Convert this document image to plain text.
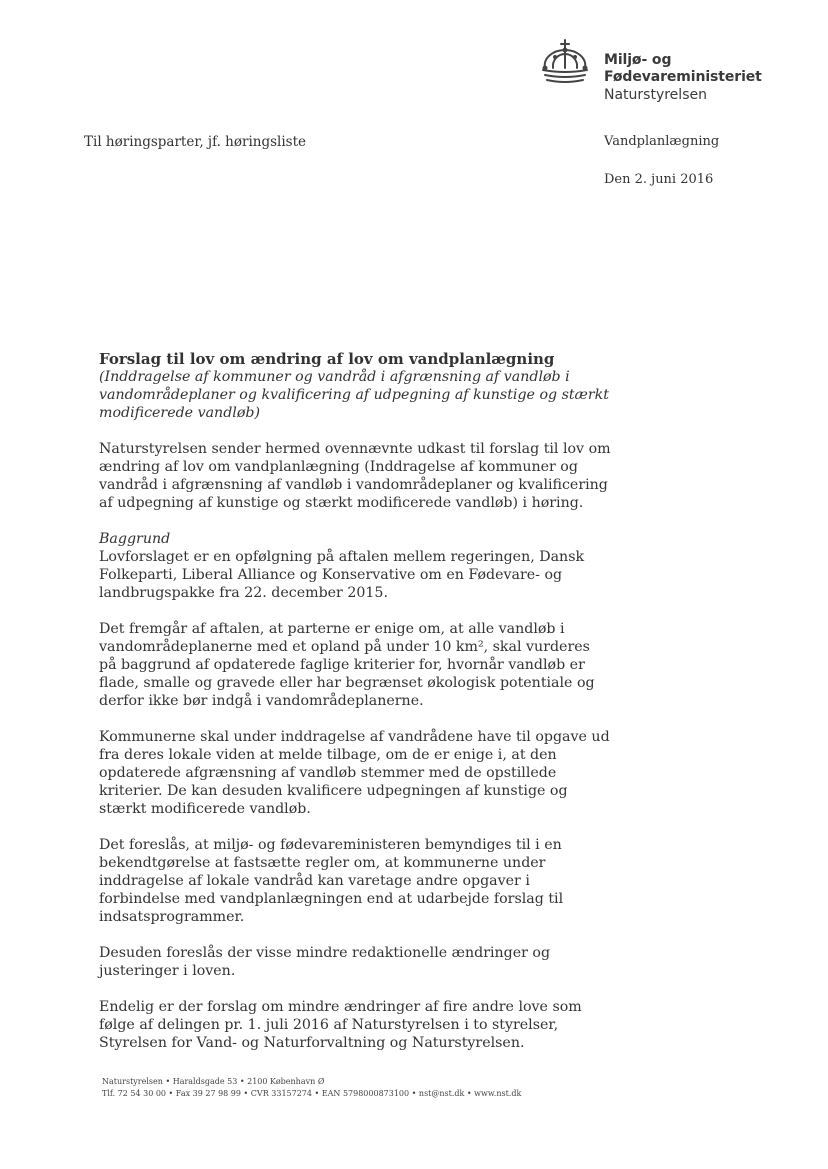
Miljø- og
Fødevareministeriet
Naturstyrelsen
Til høringsparter, jf. høringsliste	Vandplanlægning
Den 2. juni 2016
Forslag til lov om ændring af lov om vandplanlægning
(Inddragelse af kommuner og vandråd i afgrænsning af vandløb i vandområdeplaner og kvalificering af udpegning af kunstige og stærkt modificerede vandløb)

Naturstyrelsen sender hermed ovennævnte udkast til forslag til lov om ændring af lov om vandplanlægning (Inddragelse af kommuner og vandråd i afgrænsning af vandløb i vandområdeplaner og kvalificering af udpegning af kunstige og stærkt modificerede vandløb) i høring.

Baggrund

Lovforslaget er en opfølgning på aftalen mellem regeringen, Dansk Folkeparti, Liberal Alliance og Konservative om en Fødevare- og landbrugspakke fra 22. december 2015.

Det fremgår af aftalen, at parterne er enige om, at alle vandløb i vandområdeplanerne med et opland på under 10 km², skal vurderes på baggrund af opdaterede faglige kriterier for, hvornår vandløb er flade, smalle og gravede eller har begrænset økologisk potentiale og derfor ikke bør indgå i vandområdeplanerne.

Kommunerne skal under inddragelse af vandrådene have til opgave ud fra deres lokale viden at melde tilbage, om de er enige i, at den opdaterede afgrænsning af vandløb stemmer med de opstillede kriterier. De kan desuden kvalificere udpegningen af kunstige og stærkt modificerede vandløb.

Det foreslås, at miljø- og fødevareministeren bemyndiges til i en bekendtgørelse at fastsætte regler om, at kommunerne under inddragelse af lokale vandråd kan varetage andre opgaver i forbindelse med vandplanlægningen end at udarbejde forslag til indsatsprogrammer.

Desuden foreslås der visse mindre redaktionelle ændringer og justeringer i loven.

Endelig er der forslag om mindre ændringer af fire andre love som følge af delingen pr. 1. juli 2016 af Naturstyrelsen i to styrelser, Styrelsen for Vand- og Naturforvaltning og Naturstyrelsen.

Naturstyrelsen • Haraldsgade 53 • 2100 København Ø
Tlf. 72 54 30 00 • Fax 39 27 98 99 • CVR 33157274 • EAN 5798000873100 • nst@nst.dk • www.nst.dk
